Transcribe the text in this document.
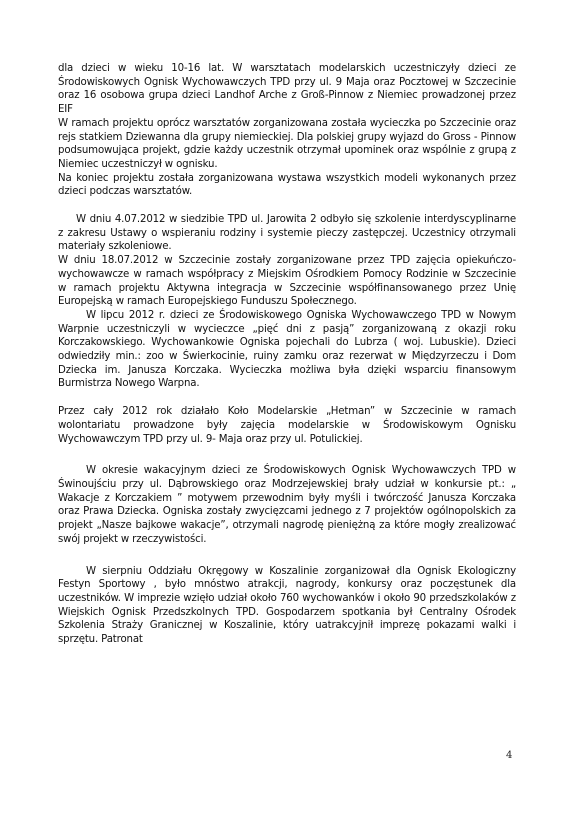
dla dzieci w wieku 10-16 lat. W warsztatach modelarskich uczestniczyły dzieci ze Środowiskowych Ognisk Wychowawczych TPD przy ul. 9 Maja oraz Pocztowej w Szczecinie oraz 16 osobowa grupa dzieci Landhof Arche z Groß-Pinnow z Niemiec prowadzonej przez EIF

W ramach projektu oprócz warsztatów zorganizowana została wycieczka po Szczecinie oraz rejs statkiem Dziewanna dla grupy niemieckiej. Dla polskiej grupy wyjazd do Gross - Pinnow podsumowująca projekt, gdzie każdy uczestnik otrzymał upominek oraz wspólnie z grupą z Niemiec uczestniczył w ognisku.

Na koniec projektu została zorganizowana wystawa wszystkich modeli wykonanych przez dzieci podczas warsztatów.

W dniu 4.07.2012 w siedzibie TPD ul. Jarowita 2 odbyło się szkolenie interdyscyplinarne z zakresu Ustawy o wspieraniu rodziny i systemie pieczy zastępczej. Uczestnicy otrzymali materiały szkoleniowe.

W dniu 18.07.2012 w Szczecinie zostały zorganizowane przez TPD zajęcia opiekuńczo-wychowawcze w ramach współpracy z Miejskim Ośrodkiem Pomocy Rodzinie w Szczecinie w ramach projektu Aktywna integracja w Szczecinie współfinansowanego przez Unię Europejską w ramach Europejskiego Funduszu Społecznego.

W lipcu 2012 r. dzieci ze Środowiskowego Ogniska Wychowawczego TPD w Nowym Warpnie uczestniczyli w wycieczce „pięć dni z pasją” zorganizowaną z okazji roku Korczakowskiego. Wychowankowie Ogniska pojechali do Lubrza ( woj. Lubuskie). Dzieci odwiedziły min.: zoo w Świerkocinie, ruiny zamku oraz rezerwat w Międzyrzeczu i Dom Dziecka im. Janusza Korczaka. Wycieczka możliwa była dzięki wsparciu finansowym Burmistrza Nowego Warpna.

Przez cały 2012 rok działało Koło Modelarskie „Hetman” w Szczecinie w ramach wolontariatu prowadzone były zajęcia modelarskie w Środowiskowym Ognisku Wychowawczym TPD przy ul. 9- Maja oraz przy ul. Potulickiej.

W okresie wakacyjnym dzieci ze Środowiskowych Ognisk Wychowawczych TPD w Świnoujściu przy ul. Dąbrowskiego oraz Modrzejewskiej brały udział w konkursie pt.: „ Wakacje z Korczakiem ” motywem przewodnim były myśli i twórczość Janusza Korczaka oraz Prawa Dziecka. Ogniska zostały zwycięzcami jednego z 7 projektów ogólnopolskich za projekt „Nasze bajkowe wakacje”, otrzymali nagrodę pieniężną za które mogły zrealizować swój projekt w rzeczywistości.

W sierpniu Oddziału Okręgowy w Koszalinie zorganizował dla Ognisk Ekologiczny Festyn Sportowy , było mnóstwo atrakcji, nagrody, konkursy oraz poczęstunek dla uczestników. W imprezie wzięło udział około 760 wychowanków i około 90 przedszkolaków z Wiejskich Ognisk Przedszkolnych TPD. Gospodarzem spotkania był Centralny Ośrodek Szkolenia Straży Granicznej w Koszalinie, który uatrakcyjnił imprezę pokazami walki i sprzętu. Patronat

4
